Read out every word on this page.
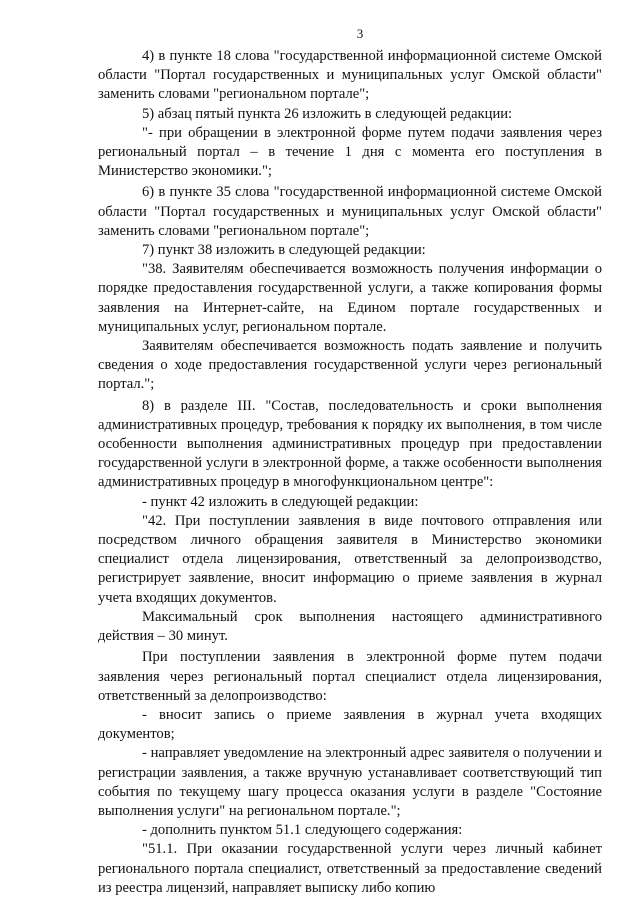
3

4) в пункте 18 слова "государственной информационной системе Омской области "Портал государственных и муниципальных услуг Омской области" заменить словами "региональном портале";

5) абзац пятый пункта 26 изложить в следующей редакции:

"- при обращении в электронной форме путем подачи заявления через региональный портал – в течение 1 дня с момента его поступления в Министерство экономики.";

6) в пункте 35 слова "государственной информационной системе Омской области "Портал государственных и муниципальных услуг Омской области" заменить словами "региональном портале";

7) пункт 38 изложить в следующей редакции:

"38. Заявителям обеспечивается возможность получения информации о порядке предоставления государственной услуги, а также копирования формы заявления на Интернет-сайте, на Едином портале государственных и муниципальных услуг, региональном портале.

Заявителям обеспечивается возможность подать заявление и получить сведения о ходе предоставления государственной услуги через региональный портал.";

8) в разделе III. "Состав, последовательность и сроки выполнения административных процедур, требования к порядку их выполнения, в том числе особенности выполнения административных процедур при предоставлении государственной услуги в электронной форме, а также особенности выполнения административных процедур в многофункциональном центре":

- пункт 42 изложить в следующей редакции:

"42. При поступлении заявления в виде почтового отправления или посредством личного обращения заявителя в Министерство экономики специалист отдела лицензирования, ответственный за делопроизводство, регистрирует заявление, вносит информацию о приеме заявления в журнал учета входящих документов.

Максимальный срок выполнения настоящего административного действия – 30 минут.

При поступлении заявления в электронной форме путем подачи заявления через региональный портал специалист отдела лицензирования, ответственный за делопроизводство:

- вносит запись о приеме заявления в журнал учета входящих документов;

- направляет уведомление на электронный адрес заявителя о получении и регистрации заявления, а также вручную устанавливает соответствующий тип события по текущему шагу процесса оказания услуги в разделе "Состояние выполнения услуги" на региональном портале.";

- дополнить пунктом 51.1 следующего содержания:

"51.1. При оказании государственной услуги через личный кабинет регионального портала специалист, ответственный за предоставление сведений из реестра лицензий, направляет выписку либо копию
